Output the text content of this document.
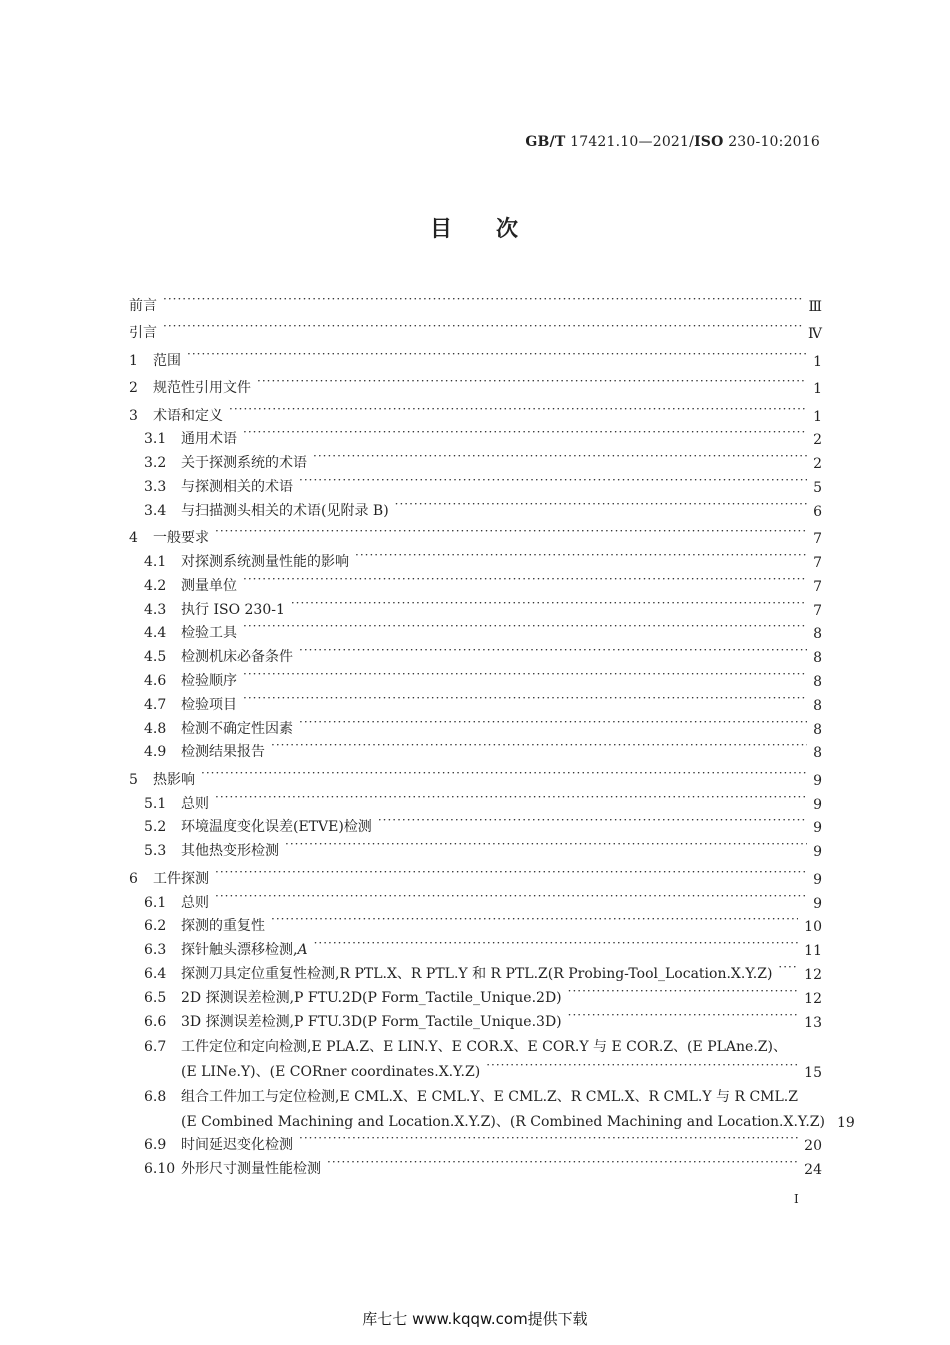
GB/T 17421.10—2021/ISO 230-10:2016
目 次
前言 ·····	Ⅲ
引言 ·····	Ⅳ
1 范围 ·····	1
2 规范性引用文件 ·····	1
3 术语和定义 ·····	1
3.1 通用术语 ·····	2
3.2 关于探测系统的术语 ·····	2
3.3 与探测相关的术语 ·····	5
3.4 与扫描测头相关的术语(见附录 B) ·····	6
4 一般要求 ·····	7
4.1 对探测系统测量性能的影响 ·····	7
4.2 测量单位 ·····	7
4.3 执行 ISO 230-1 ·····	7
4.4 检验工具 ·····	8
4.5 检测机床必备条件 ·····	8
4.6 检验顺序 ·····	8
4.7 检验项目 ·····	8
4.8 检测不确定性因素 ·····	8
4.9 检测结果报告 ·····	8
5 热影响 ·····	9
5.1 总则 ·····	9
5.2 环境温度变化误差(ETVE)检测 ·····	9
5.3 其他热变形检测 ·····	9
6 工件探测 ·····	9
6.1 总则 ·····	9
6.2 探测的重复性 ·····	10
6.3 探针触头漂移检测,A ·····	11
6.4 探测刀具定位重复性检测,R PTL.X、R PTL.Y 和 R PTL.Z(R Probing-Tool_Location.X.Y.Z) ····· 12
6.5 2D 探测误差检测,P FTU.2D(P Form_Tactile_Unique.2D) ·····	12
6.6 3D 探测误差检测,P FTU.3D(P Form_Tactile_Unique.3D) ·····	13
6.7 工件定位和定向检测,E PLA.Z、E LIN.Y、E COR.X、E COR.Y 与 E COR.Z、(E PLAne.Z)、
(E LINe.Y)、(E CORner coordinates.X.Y.Z) ·····	15
6.8 组合工件加工与定位检测,E CML.X、E CML.Y、E CML.Z、R CML.X、R CML.Y 与 R CML.Z
(E Combined Machining and Location.X.Y.Z)、(R Combined Machining and Location.X.Y.Z) 19
6.9 时间延迟变化检测 ·····	20
6.10 外形尺寸测量性能检测 ·····	24
I
库七七 www.kqqw.com提供下载
